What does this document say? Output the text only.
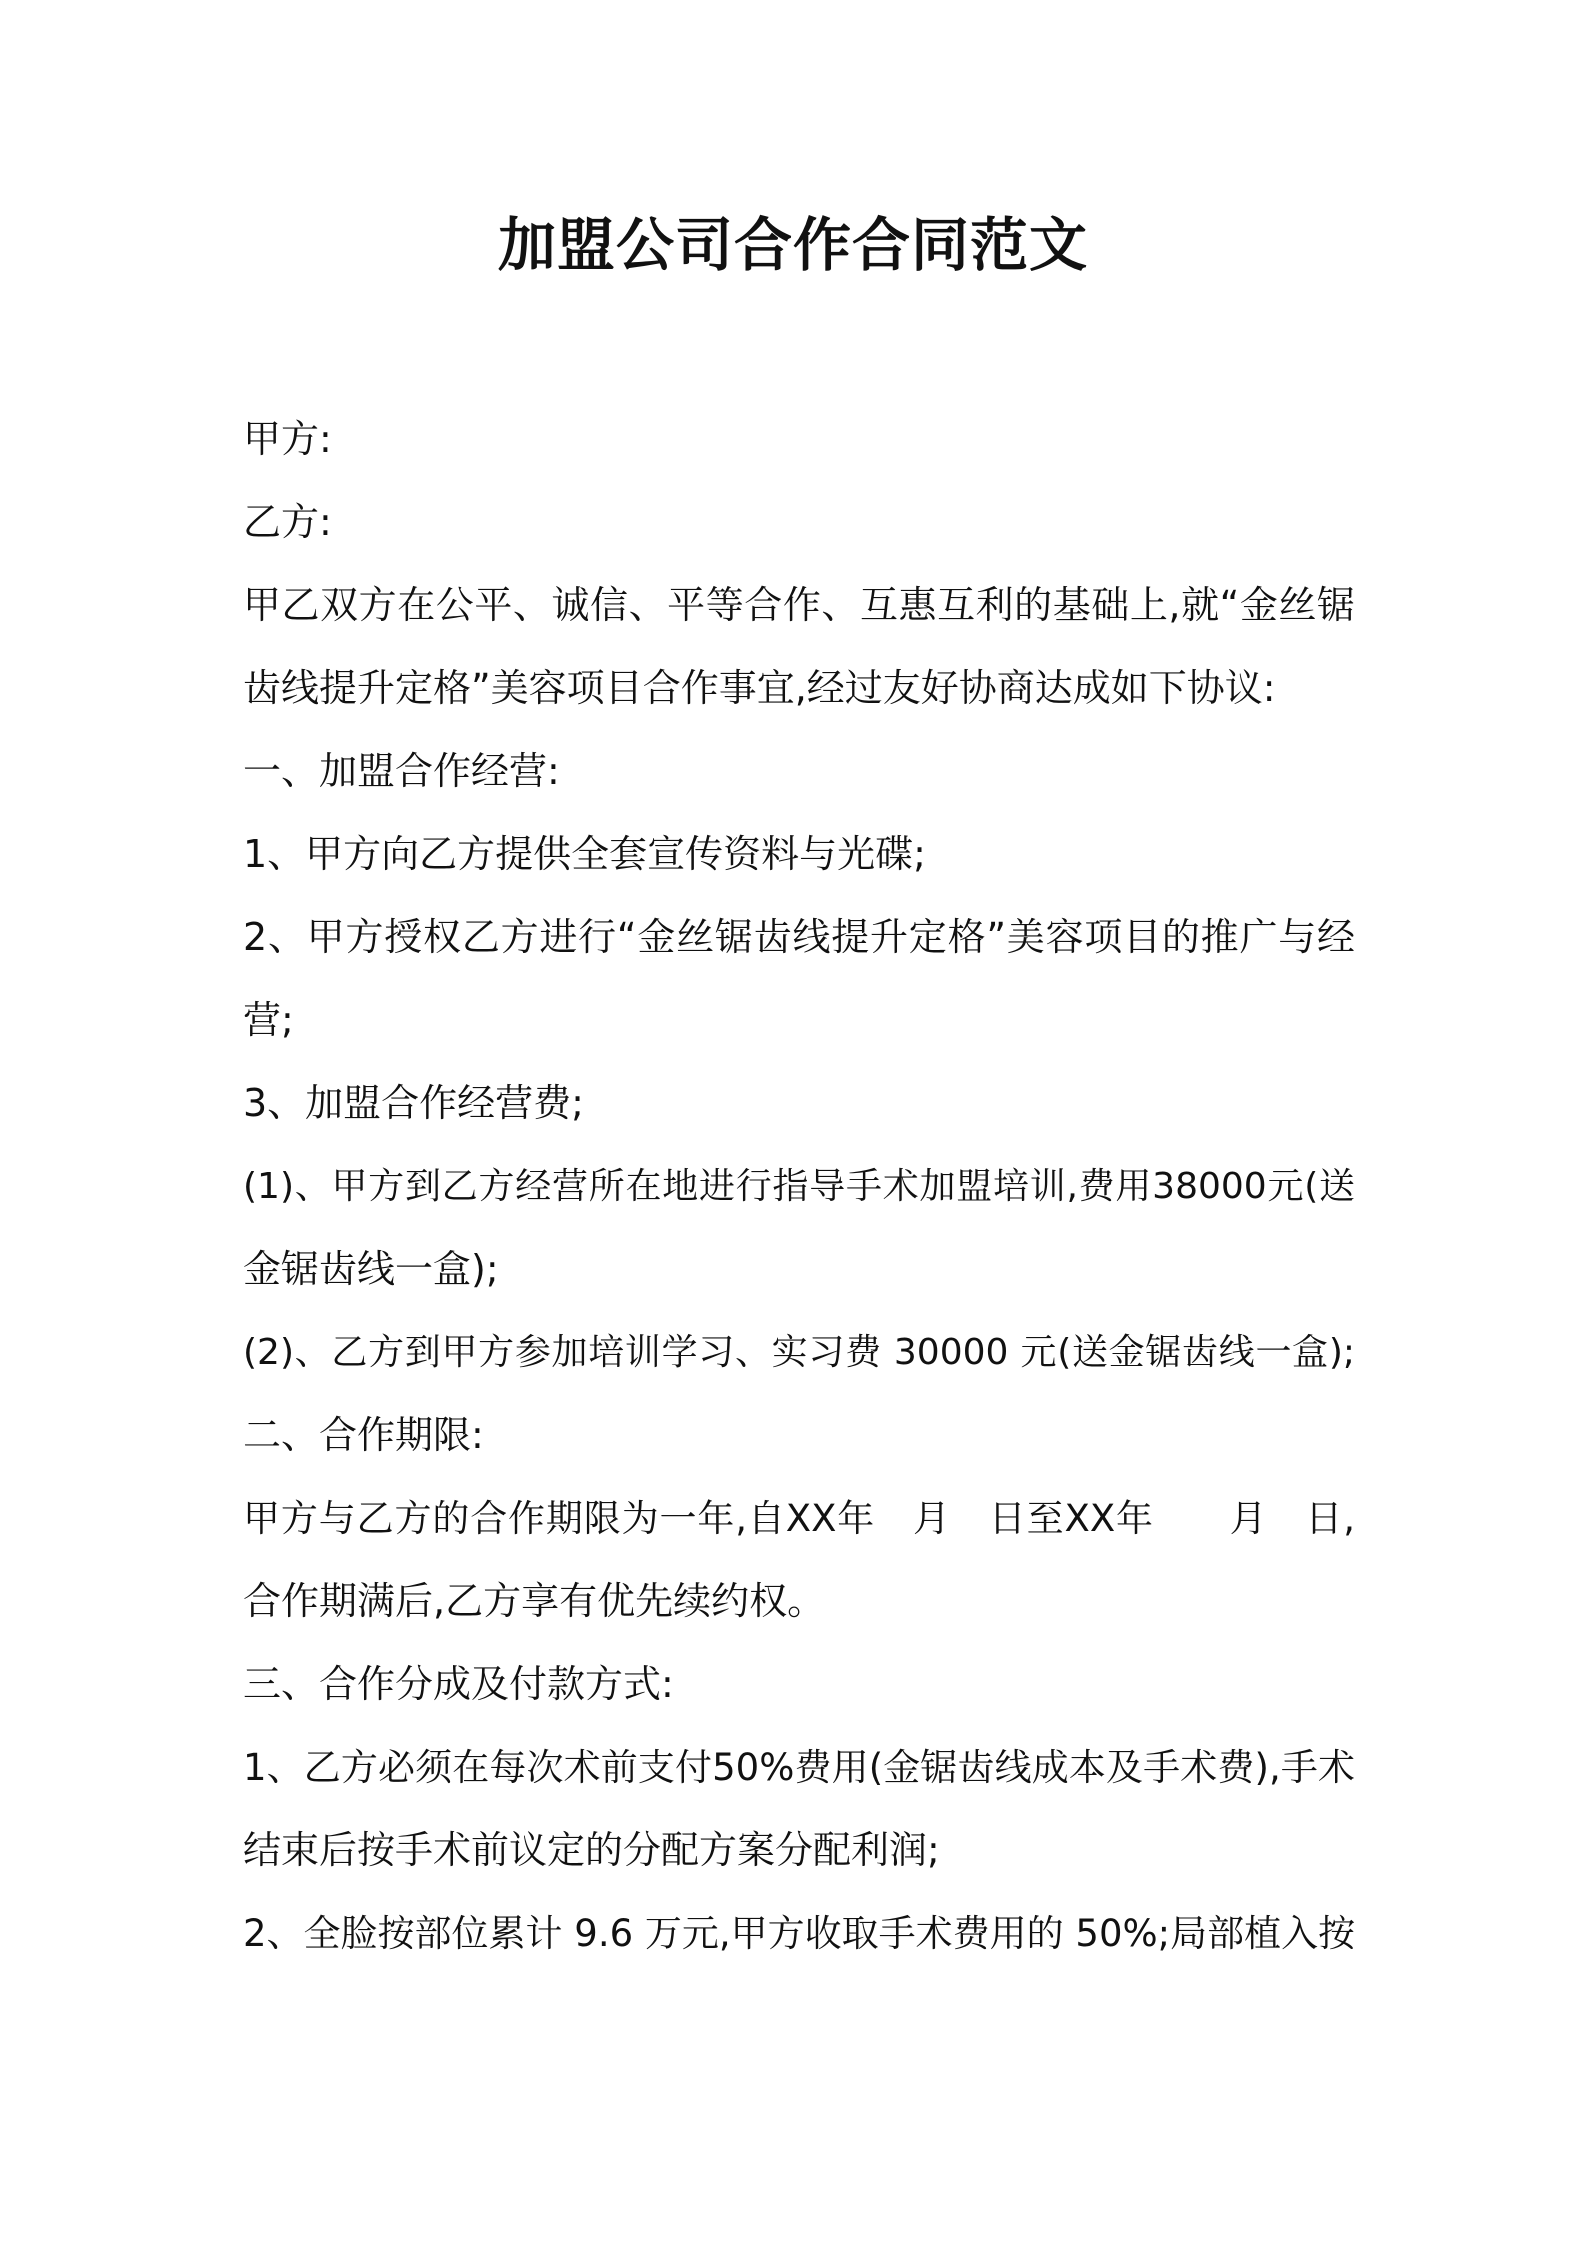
加盟公司合作合同范文
甲方:
乙方:
甲乙双方在公平、诚信、平等合作、互惠互利的基础上,就“金丝锯
齿线提升定格”美容项目合作事宜,经过友好协商达成如下协议:
一、加盟合作经营:
1、甲方向乙方提供全套宣传资料与光碟;
2、甲方授权乙方进行“金丝锯齿线提升定格”美容项目的推广与经
营;
3、加盟合作经营费;
(1)、甲方到乙方经营所在地进行指导手术加盟培训,费用38000元(送
金锯齿线一盒);
(2)、乙方到甲方参加培训学习、实习费 30000 元(送金锯齿线一盒);
二、合作期限:
甲方与乙方的合作期限为一年,自XX年　月　日至XX年　　月　日,
合作期满后,乙方享有优先续约权。
三、合作分成及付款方式:
1、乙方必须在每次术前支付50%费用(金锯齿线成本及手术费),手术
结束后按手术前议定的分配方案分配利润;
2、全脸按部位累计 9.6 万元,甲方收取手术费用的 50%;局部植入按
